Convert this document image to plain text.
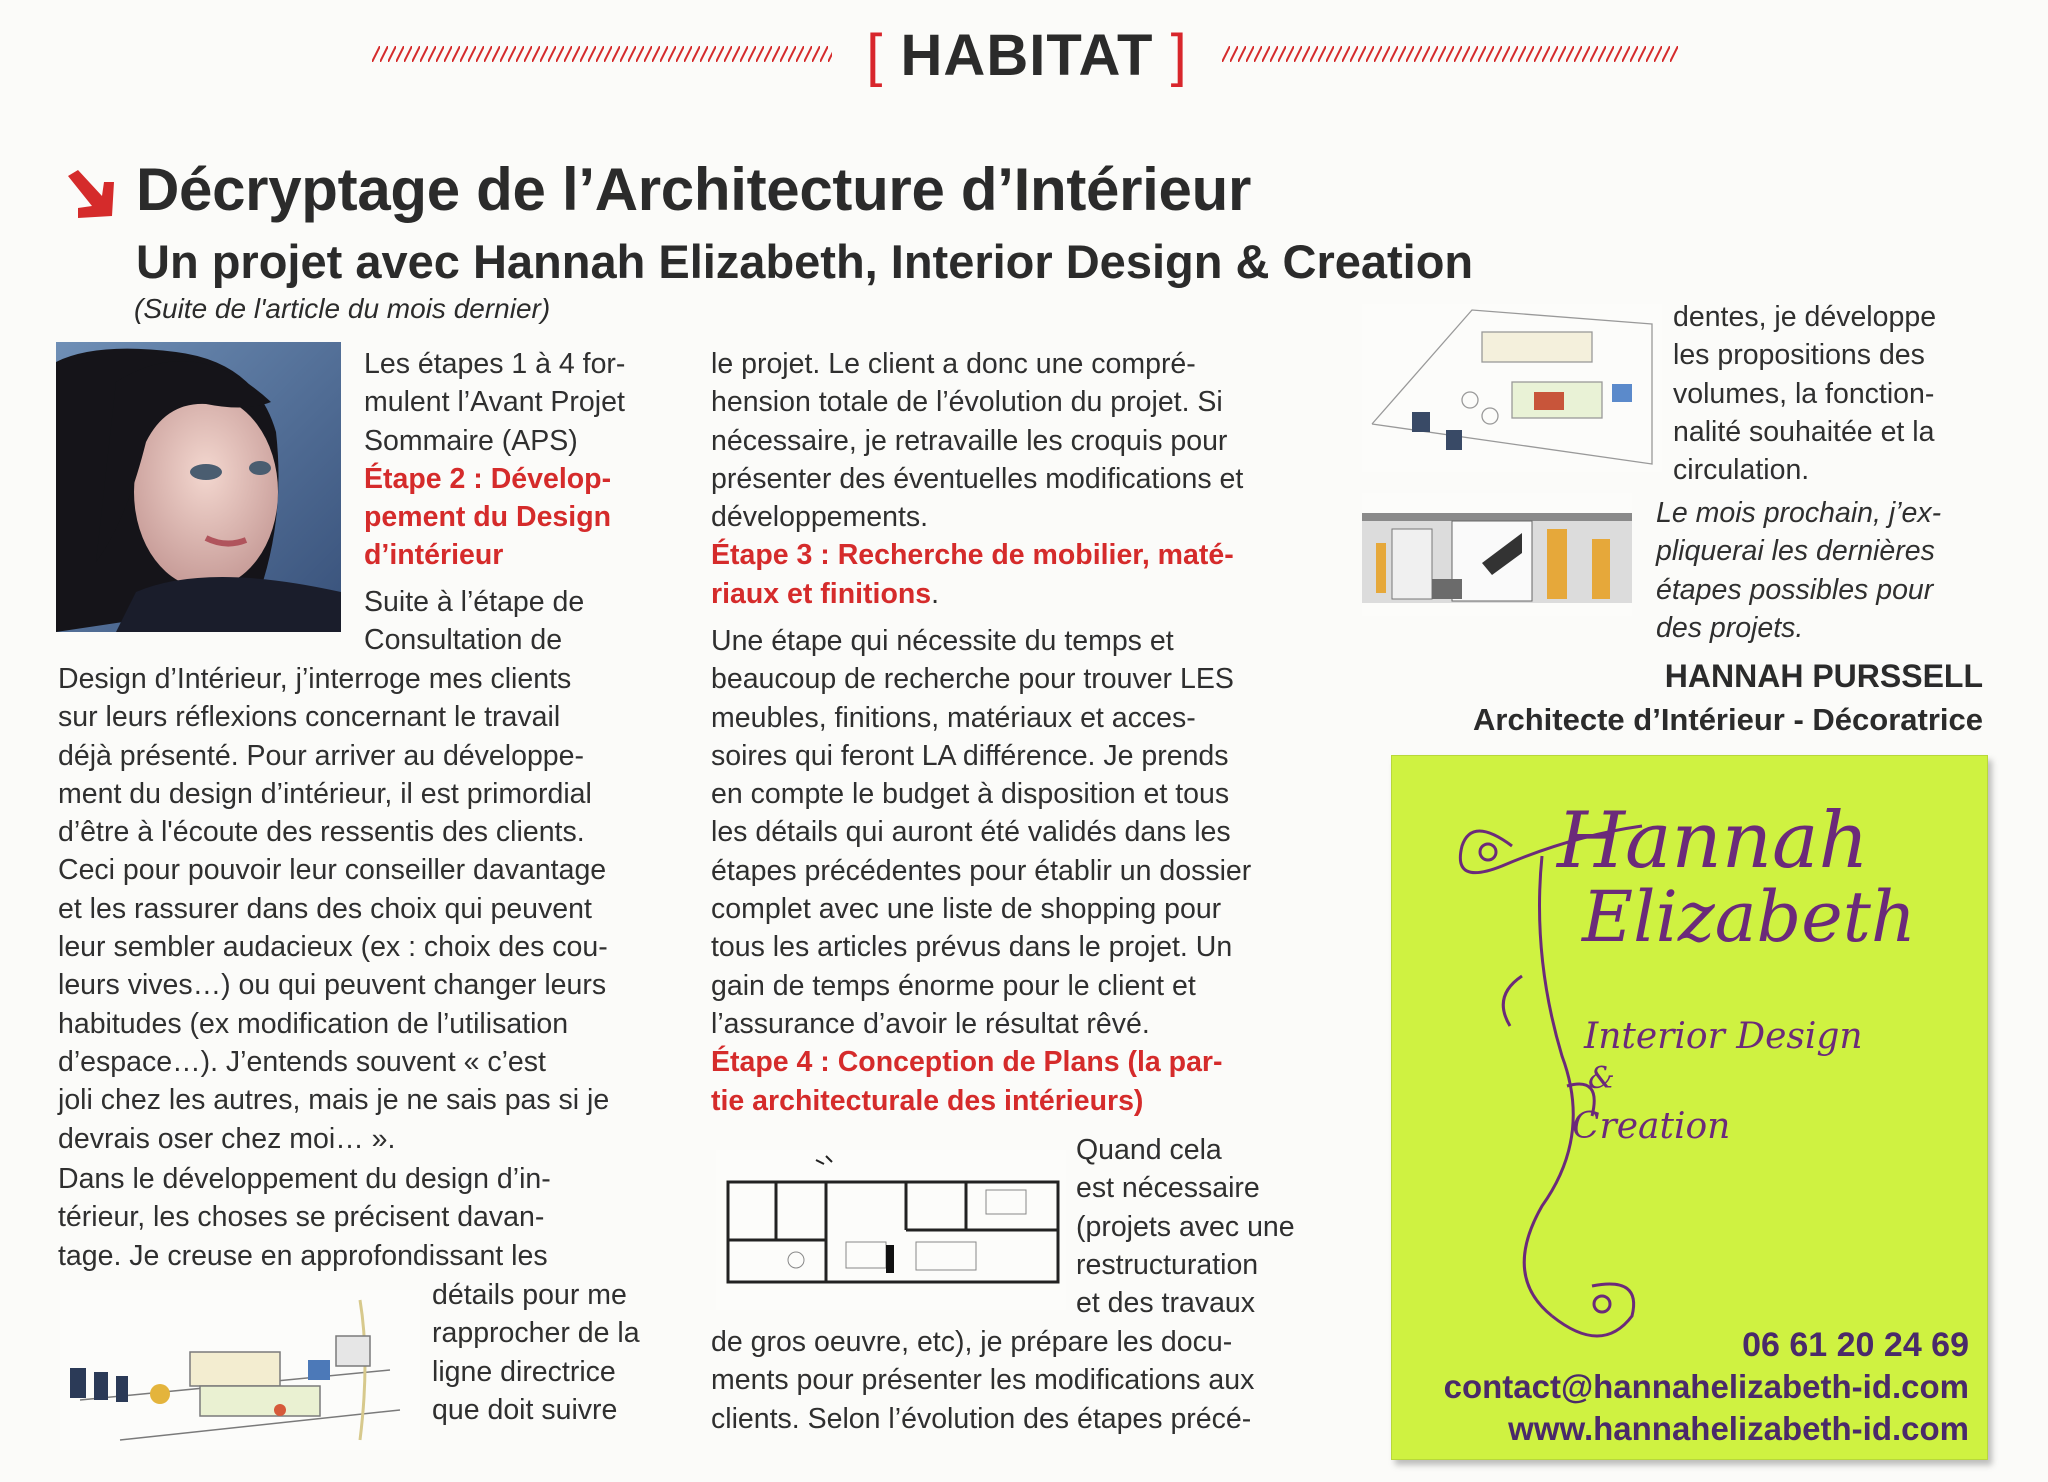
[ HABITAT ]
Décryptage de l’Architecture d’Intérieur
Un projet avec Hannah Elizabeth, Interior Design & Creation
(Suite de l'article du mois dernier)
Les étapes 1 à 4 for-
mulent l’Avant Projet
Sommaire (APS)
Étape 2 : Dévelop-
pement du Design
d’intérieur
Suite à l’étape de
Consultation de
Design d’Intérieur, j’interroge mes clients
sur leurs réflexions concernant le travail
déjà présenté. Pour arriver au développe-
ment du design d’intérieur, il est primordial
d’être à l'écoute des ressentis des clients.
Ceci pour pouvoir leur conseiller davantage
et les rassurer dans des choix qui peuvent
leur sembler audacieux (ex : choix des cou-
leurs vives…) ou qui peuvent changer leurs
habitudes (ex modification de l’utilisation
d’espace…). J’entends souvent « c’est
joli chez les autres, mais je ne sais pas si je
devrais oser chez moi… ».
Dans le développement du design d’in-
térieur, les choses se précisent davan-
tage. Je creuse en approfondissant les
détails pour me
rapprocher de la
ligne directrice
que doit suivre
le projet. Le client a donc une compré-
hension totale de l’évolution du projet. Si
nécessaire, je retravaille les croquis pour
présenter des éventuelles modifications et
développements.
Étape 3 : Recherche de mobilier, maté-
riaux et finitions.
Une étape qui nécessite du temps et
beaucoup de recherche pour trouver LES
meubles, finitions, matériaux et acces-
soires qui feront LA différence. Je prends
en compte le budget à disposition et tous
les détails qui auront été validés dans les
étapes précédentes pour établir un dossier
complet avec une liste de shopping pour
tous les articles prévus dans le projet. Un
gain de temps énorme pour le client et
l’assurance d’avoir le résultat rêvé.
Étape 4 : Conception de Plans (la par-
tie architecturale des intérieurs)
Quand cela
est nécessaire
(projets avec une
restructuration
et des travaux
de gros oeuvre, etc), je prépare les docu-
ments pour présenter les modifications aux
clients. Selon l’évolution des étapes précé-
dentes, je développe
les propositions des
volumes, la fonction-
nalité souhaitée et la
circulation.
Le mois prochain, j’ex-
pliquerai les dernières
étapes possibles pour
des projets.
HANNAH PURSSELL
Architecte d’Intérieur - Décoratrice
Hannah
Elizabeth
Interior Design
&
Creation
06 61 20 24 69
contact@hannahelizabeth-id.com
www.hannahelizabeth-id.com
